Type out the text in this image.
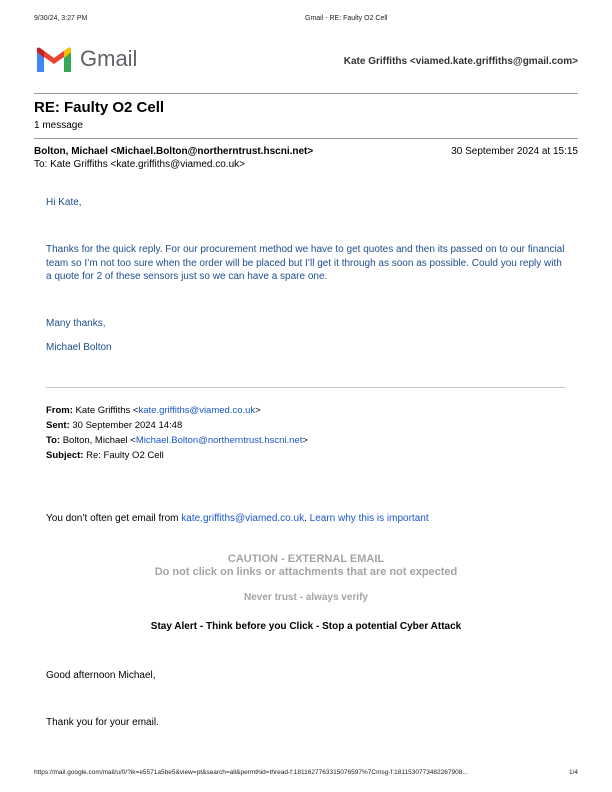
9/30/24, 3:27 PM	Gmail - RE: Faulty O2 Cell
Gmail	Kate Griffiths <viamed.kate.griffiths@gmail.com>
RE: Faulty O2 Cell
1 message
Bolton, Michael <Michael.Bolton@northerntrust.hscni.net>	30 September 2024 at 15:15
To: Kate Griffiths <kate.griffiths@viamed.co.uk>
Hi Kate,
Thanks for the quick reply. For our procurement method we have to get quotes and then its passed on to our financial team so I’m not too sure when the order will be placed but I’ll get it through as soon as possible. Could you reply with a quote for 2 of these sensors just so we can have a spare one.
Many thanks,
Michael Bolton
From: Kate Griffiths <kate.griffiths@viamed.co.uk>
Sent: 30 September 2024 14:48
To: Bolton, Michael <Michael.Bolton@northerntrust.hscni.net>
Subject: Re: Faulty O2 Cell
You don’t often get email from kate.griffiths@viamed.co.uk. Learn why this is important
CAUTION - EXTERNAL EMAIL
Do not click on links or attachments that are not expected
Never trust - always verify
Stay Alert - Think before you Click - Stop a potential Cyber Attack
Good afternoon Michael,
Thank you for your email.
https://mail.google.com/mail/u/0/?ik=e5571a5be5&view=pt&search=all&permthid=thread-f:1811627763315076597%7Cmsg-f:1811530773482267908...	1/4
